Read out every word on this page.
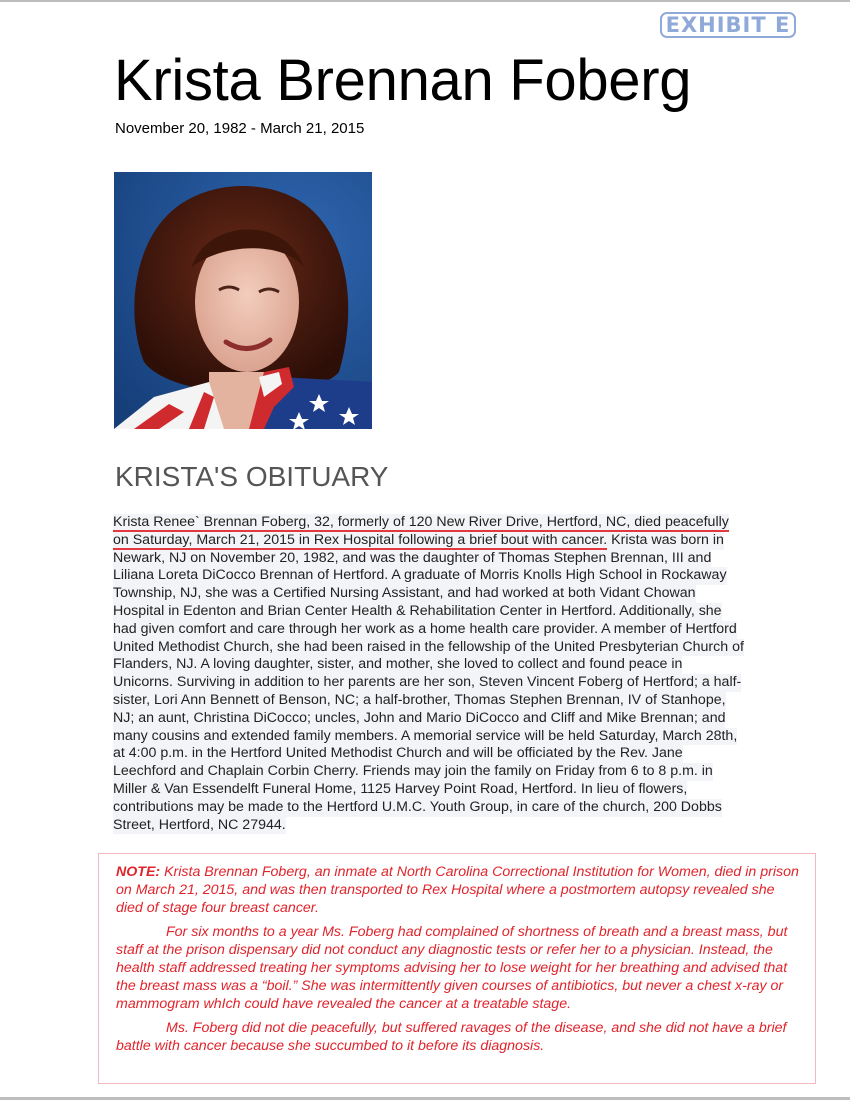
EXHIBIT E
Krista Brennan Foberg
November 20, 1982 - March 21, 2015
KRISTA'S OBITUARY
Krista Renee` Brennan Foberg, 32, formerly of 120 New River Drive, Hertford, NC, died peacefully
on Saturday, March 21, 2015 in Rex Hospital following a brief bout with cancer. Krista was born in
Newark, NJ on November 20, 1982, and was the daughter of Thomas Stephen Brennan, III and
Liliana Loreta DiCocco Brennan of Hertford. A graduate of Morris Knolls High School in Rockaway
Township, NJ, she was a Certified Nursing Assistant, and had worked at both Vidant Chowan
Hospital in Edenton and Brian Center Health & Rehabilitation Center in Hertford. Additionally, she
had given comfort and care through her work as a home health care provider. A member of Hertford
United Methodist Church, she had been raised in the fellowship of the United Presbyterian Church of
Flanders, NJ. A loving daughter, sister, and mother, she loved to collect and found peace in
Unicorns. Surviving in addition to her parents are her son, Steven Vincent Foberg of Hertford; a half-
sister, Lori Ann Bennett of Benson, NC; a half-brother, Thomas Stephen Brennan, IV of Stanhope,
NJ; an aunt, Christina DiCocco; uncles, John and Mario DiCocco and Cliff and Mike Brennan; and
many cousins and extended family members. A memorial service will be held Saturday, March 28th,
at 4:00 p.m. in the Hertford United Methodist Church and will be officiated by the Rev. Jane
Leechford and Chaplain Corbin Cherry. Friends may join the family on Friday from 6 to 8 p.m. in
Miller & Van Essendelft Funeral Home, 1125 Harvey Point Road, Hertford. In lieu of flowers,
contributions may be made to the Hertford U.M.C. Youth Group, in care of the church, 200 Dobbs
Street, Hertford, NC 27944.

NOTE: Krista Brennan Foberg, an inmate at North Carolina Correctional Institution for Women, died in prison on March 21, 2015, and was then transported to Rex Hospital where a postmortem autopsy revealed she died of stage four breast cancer.

For six months to a year Ms. Foberg had complained of shortness of breath and a breast mass, but staff at the prison dispensary did not conduct any diagnostic tests or refer her to a physician. Instead, the health staff addressed treating her symptoms advising her to lose weight for her breathing and advised that the breast mass was a “boil.” She was intermittently given courses of antibiotics, but never a chest x-ray or mammogram whIch could have revealed the cancer at a treatable stage.

Ms. Foberg did not die peacefully, but suffered ravages of the disease, and she did not have a brief battle with cancer because she succumbed to it before its diagnosis.
